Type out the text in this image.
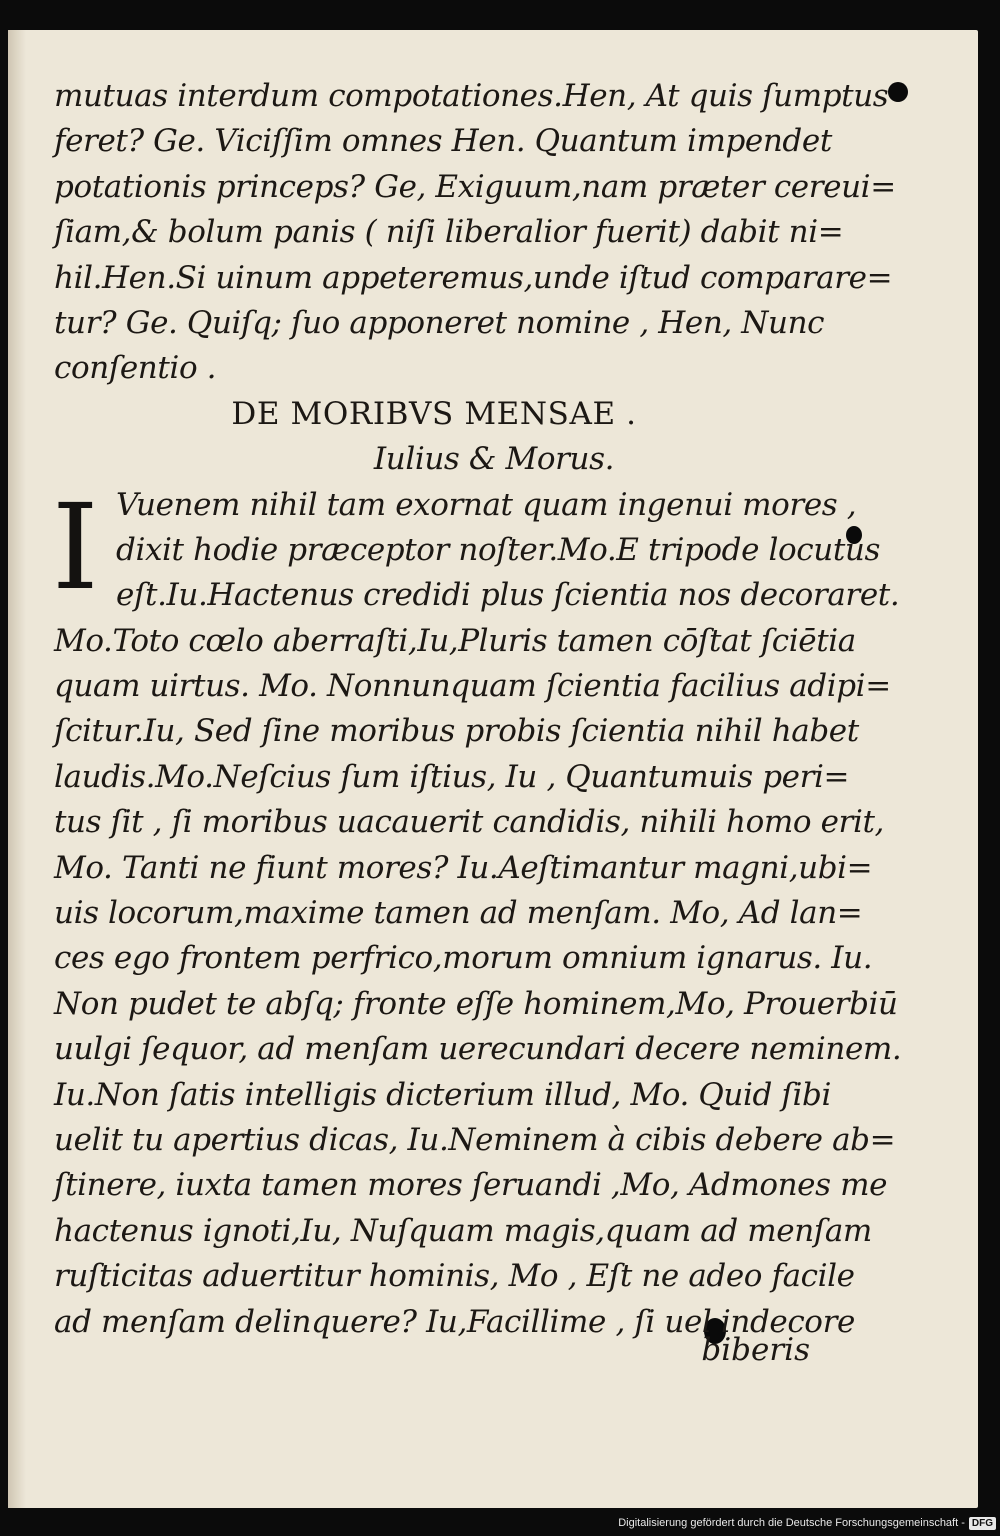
mutuas interdum compotationes.Hen, At quis ſumptus
feret? Ge. Viciſſim omnes Hen. Quantum impendet
potationis princeps? Ge, Exiguum,nam præter cereui=
ſiam,& bolum panis ( niſi liberalior fuerit) dabit ni=
hil.Hen.Si uinum appeteremus,unde iſtud comparare=
tur? Ge. Quiſq; ſuo apponeret nomine , Hen, Nunc
conſentio .
DE MORIBVS MENSAE .
Iulius & Morus.
Vuenem nihil tam exornat quam ingenui mores ,
dixit hodie præceptor noſter.Mo.E tripode locutus
eſt.Iu.Hactenus credidi plus ſcientia nos decoraret.
Mo.Toto cœlo aberraſti,Iu,Pluris tamen cōſtat ſciētia
quam uirtus. Mo. Nonnunquam ſcientia facilius adipi=
ſcitur.Iu, Sed ſine moribus probis ſcientia nihil habet
laudis.Mo.Neſcius ſum iſtius, Iu , Quantumuis peri=
tus ſit , ſi moribus uacauerit candidis, nihili homo erit,
Mo. Tanti ne fiunt mores? Iu.Aeſtimantur magni,ubi=
uis locorum,maxime tamen ad menſam. Mo, Ad lan=
ces ego frontem perfrico,morum omnium ignarus. Iu.
Non pudet te abſq; fronte eſſe hominem,Mo, Prouerbiū
uulgi ſequor, ad menſam uerecundari decere neminem.
Iu.Non ſatis intelligis dicterium illud, Mo. Quid ſibi
uelit tu apertius dicas, Iu.Neminem à cibis debere ab=
ſtinere, iuxta tamen mores ſeruandi ,Mo, Admones me
hactenus ignoti,Iu, Nuſquam magis,quam ad menſam
ruſticitas aduertitur hominis, Mo , Eſt ne adeo facile
ad menſam delinquere? Iu,Facillime , ſi uel indecore
I
biberis
Digitalisierung gefördert durch die Deutsche Forschungsgemeinschaft - DFG
